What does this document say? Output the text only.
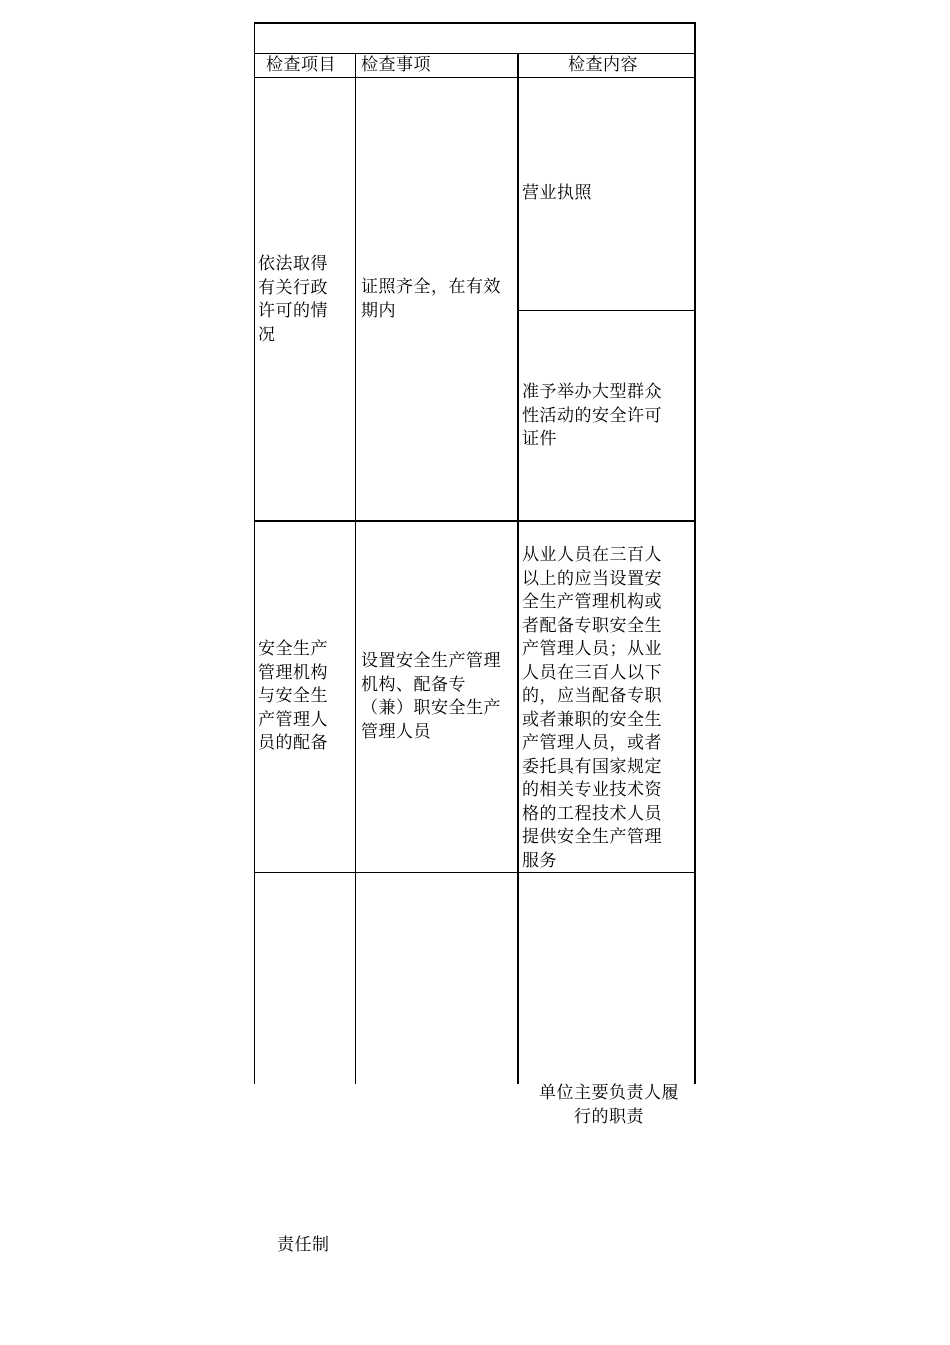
检查项目 检查事项	检查内容
依法取得
有关行政
许可的情
况
证照齐全，在有效
期内
营业执照
准予举办大型群众
性活动的安全许可
证件
安全生产
管理机构
与安全生
产管理人
员的配备
设置安全生产管理
机构、配备专
（兼）职安全生产
管理人员
从业人员在三百人
以上的应当设置安
全生产管理机构或
者配备专职安全生
产管理人员；从业
人员在三百人以下
的，应当配备专职
或者兼职的安全生
产管理人员，或者
委托具有国家规定
的相关专业技术资
格的工程技术人员
提供安全生产管理
服务
单位主要负责人履
行的职责
责任制
